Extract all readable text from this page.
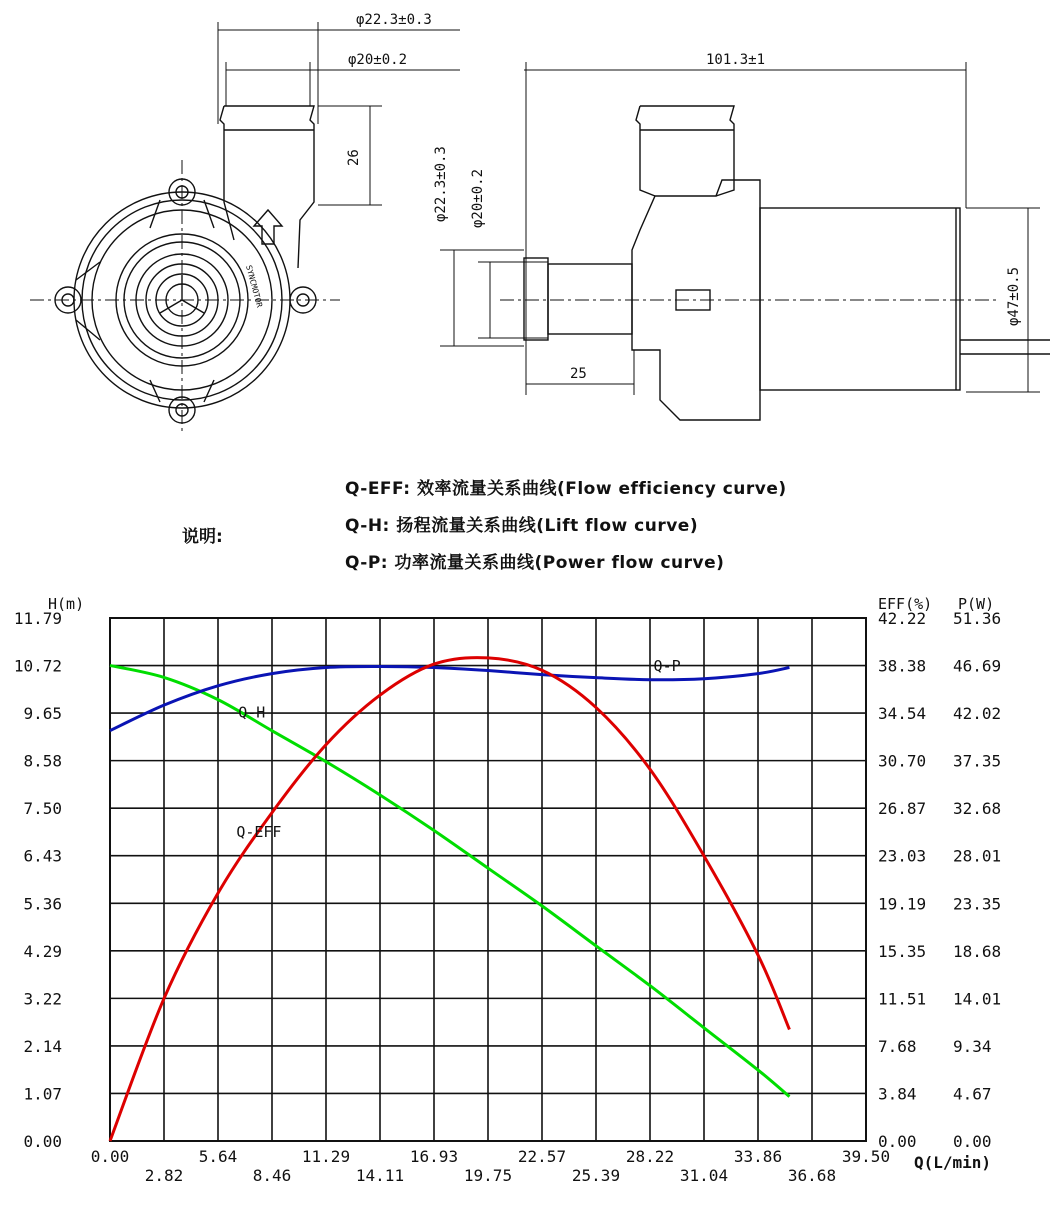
φ22.3±0.3
φ20±0.2
26
101.3±1
φ22.3±0.3 φ20±0.2
25
φ47±0.5
SYNCMOTOR
Q-EFF: 效率流量关系曲线(Flow efficiency curve)
说明:
Q-H: 扬程流量关系曲线(Lift flow curve)
Q-P: 功率流量关系曲线(Power flow curve)
0.00
2.82
5.64
8.46
11.29
14.11
16.93
19.75
22.57
25.39
28.22
31.04
33.86
36.68
39.50
0.00
1.07
2.14
3.22
4.29
5.36
6.43
7.50
8.58
9.65
10.72
11.79
0.00
3.84
7.68
11.51
15.35
19.19
23.03
26.87
30.70
34.54
38.38
42.22
0.00
4.67
9.34
14.01
18.68
23.35
28.01
32.68
37.35
42.02
46.69
51.36
Q-H
Q-EFF
Q-P
H(m)	EFF(%) P(W)
Q(L/min)
